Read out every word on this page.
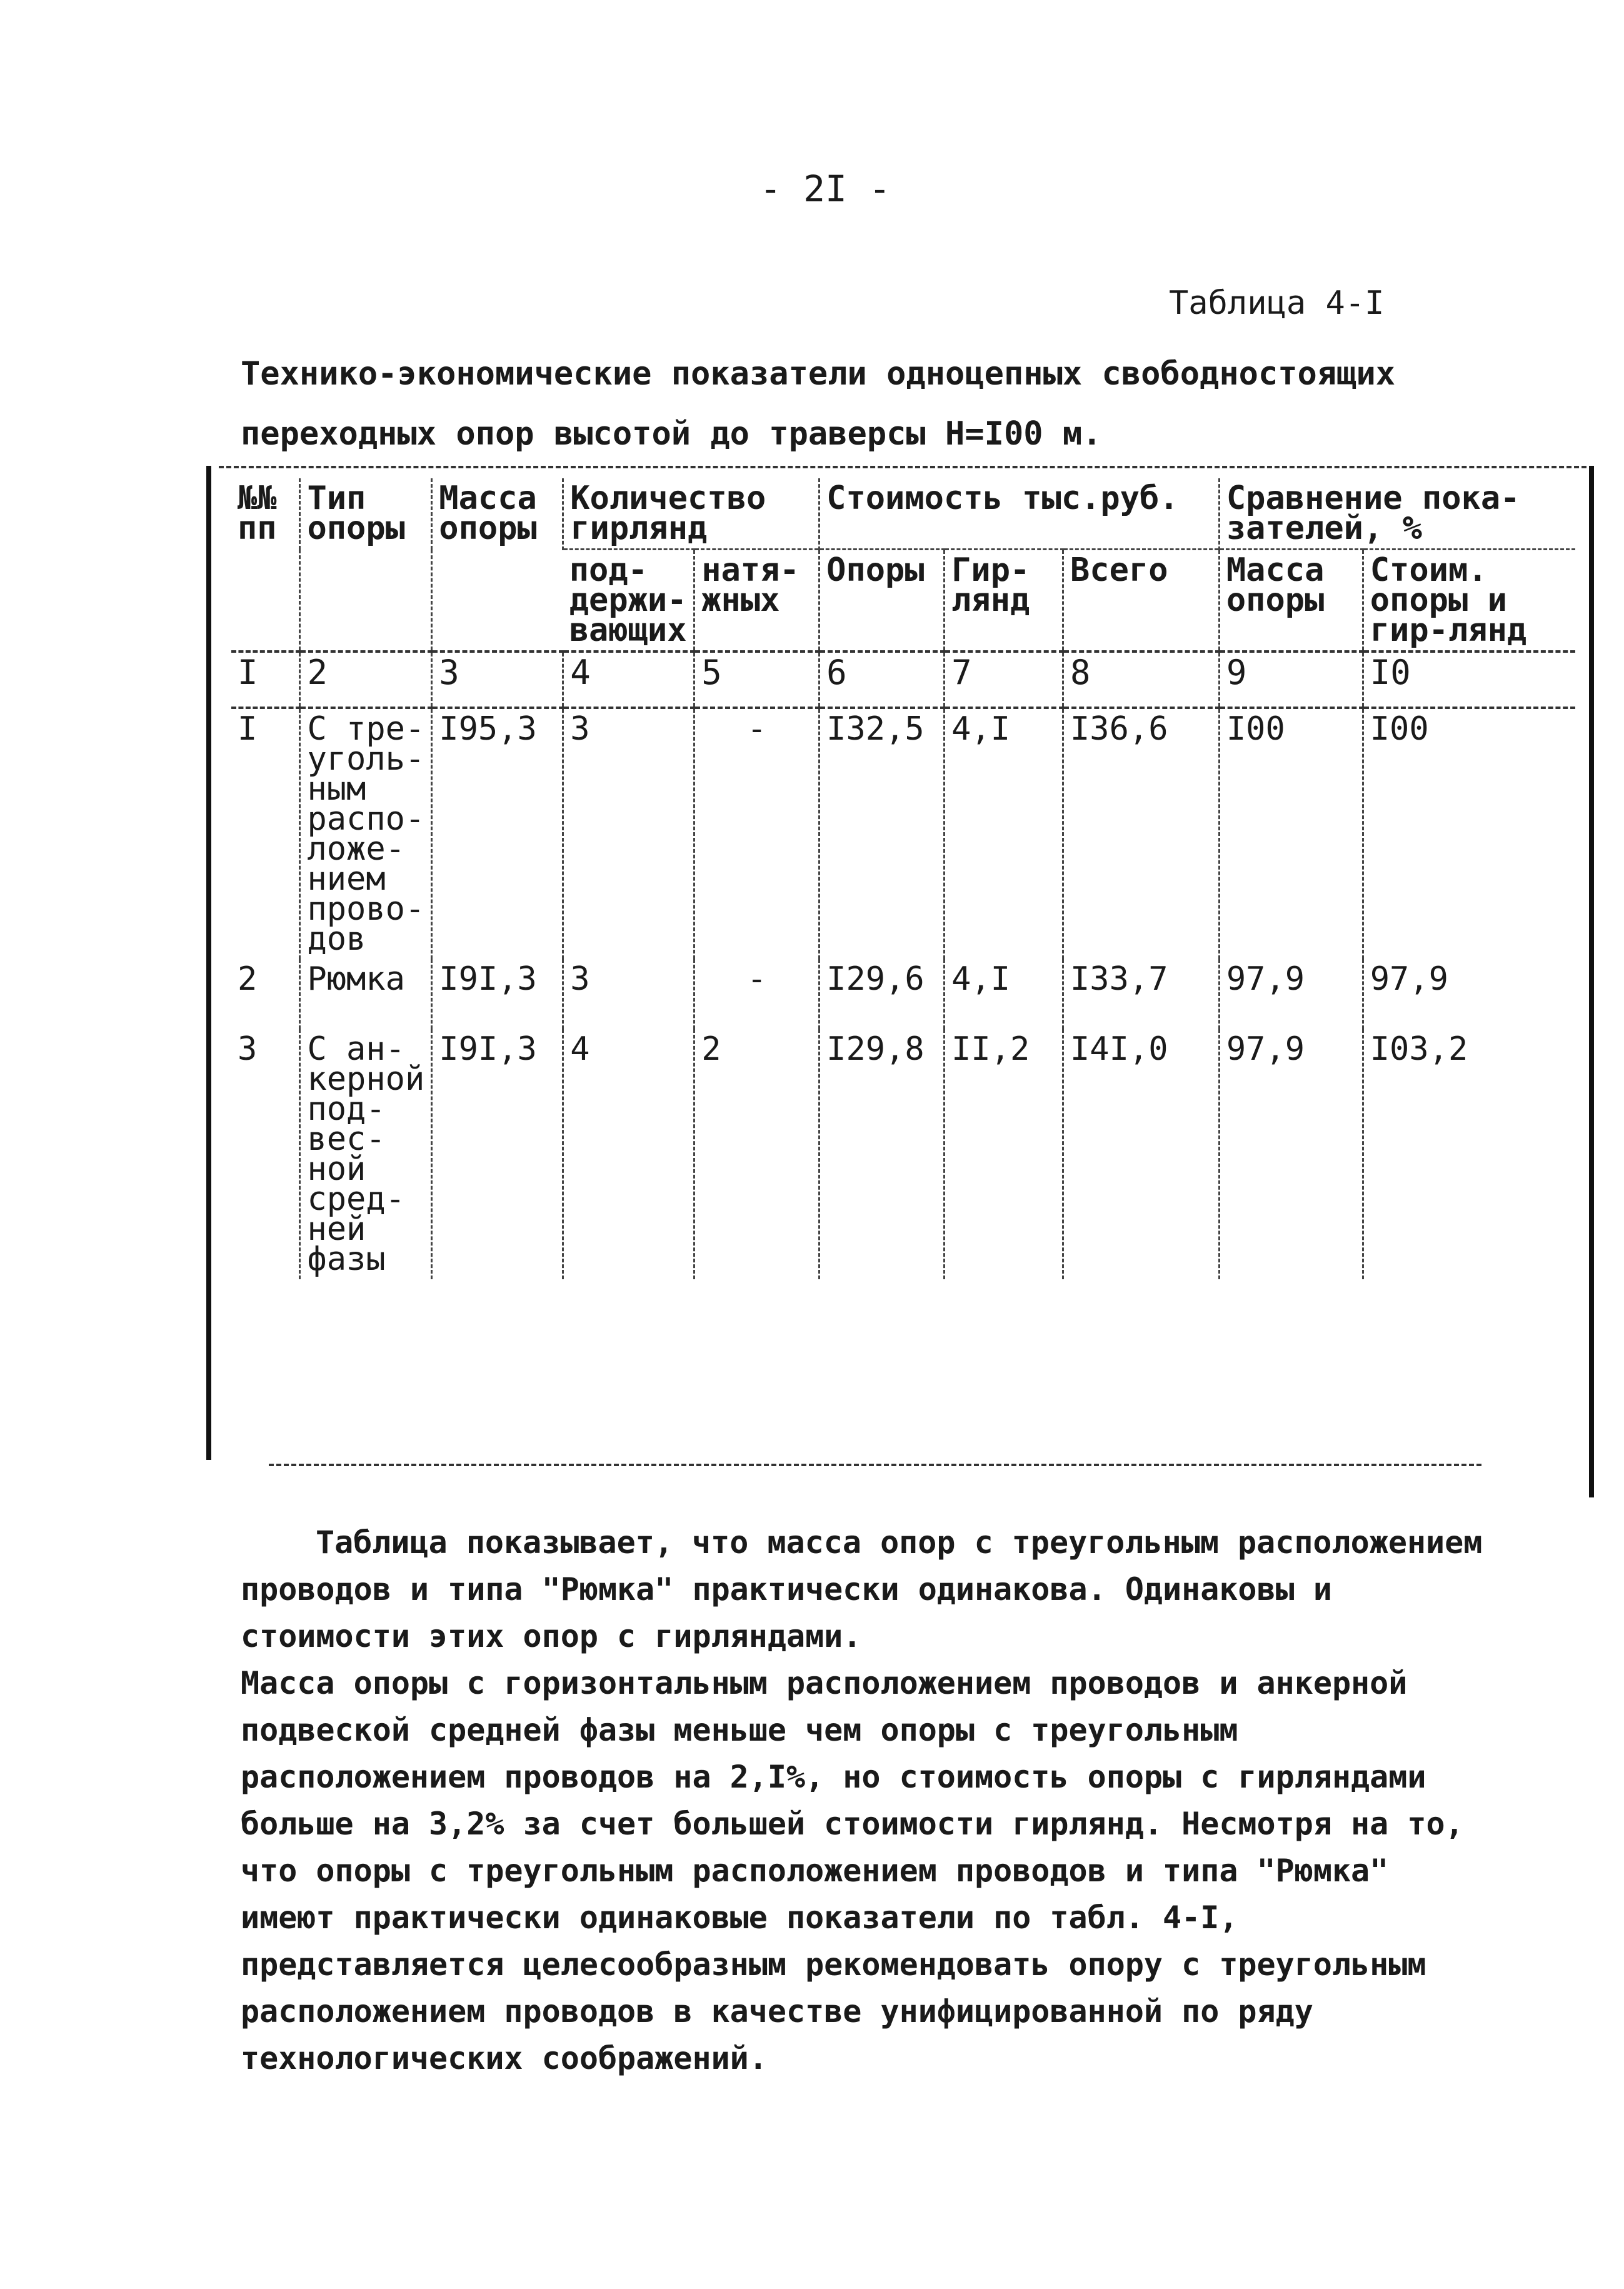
- 2I -
Таблица 4-I
Технико-экономические показатели одноцепных свободностоящих переходных опор высотой до траверсы Н=I00 м.
№№ пп	Тип опоры	Масса опоры	Количество гирлянд		Стоимость тыс.руб.			Сравнение пока-зателей, %	
			под-держи-вающих	натя-жных	Опоры	Гир-лянд	Всего	Масса опоры	Стоим. опоры и гир-лянд
I	2	3	4	5	6	7	8	9	I0
I	С тре-уголь-ным распо-ложе-нием прово-дов	I95,3	3	-	I32,5	4,I	I36,6	I00	I00
2	Рюмка	I9I,3	3	-	I29,6	4,I	I33,7	97,9	97,9
3	С ан-керной под-вес-ной сред-ней фазы	I9I,3	4	2	I29,8	II,2	I4I,0	97,9	I03,2

Таблица показывает, что масса опор с треугольным расположением проводов и типа "Рюмка" практически одинакова. Одинаковы и стоимости этих опор с гирляндами.

Масса опоры с горизонтальным расположением проводов и анкерной подвеской средней фазы меньше чем опоры с треугольным расположением проводов на 2,I%, но стоимость опоры с гирляндами больше на 3,2% за счет большей стоимости гирлянд. Несмотря на то, что опоры с треугольным расположением проводов и типа "Рюмка" имеют практически одинаковые показатели по табл. 4-I, представляется целесообразным рекомендовать опору с треугольным расположением проводов в качестве унифицированной по ряду технологических соображений.
